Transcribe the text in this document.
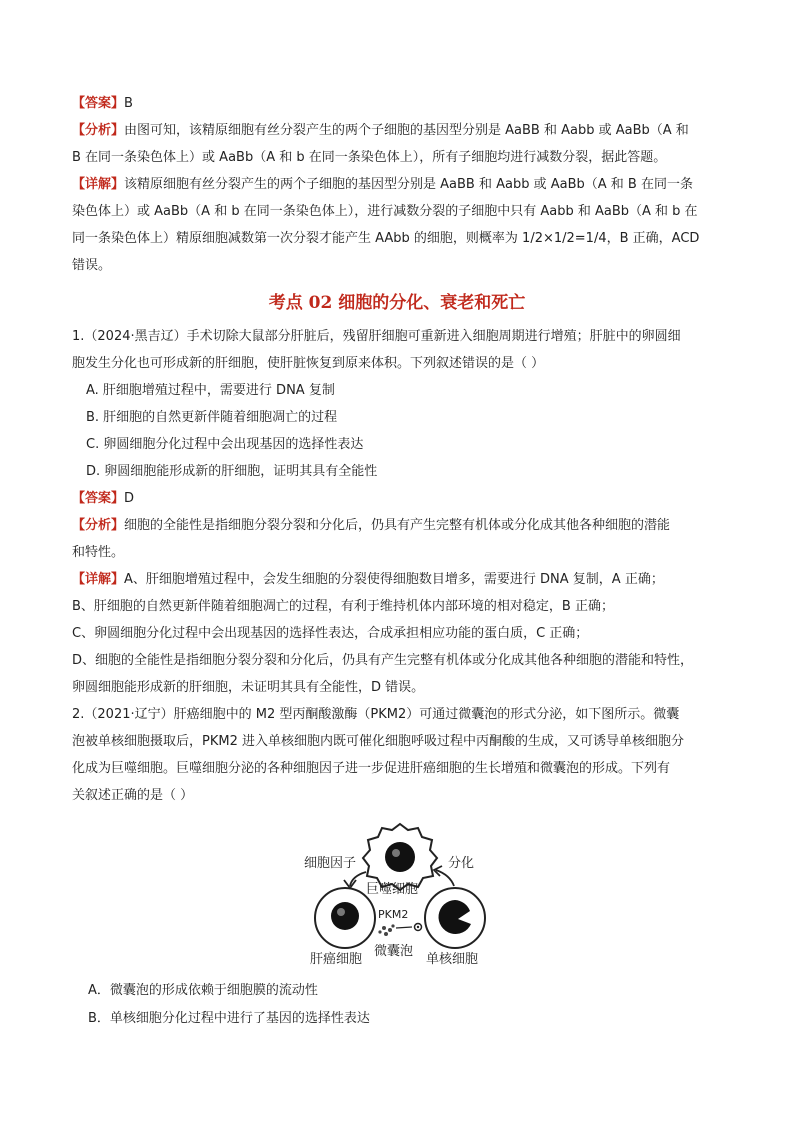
【答案】B
【分析】由图可知，该精原细胞有丝分裂产生的两个子细胞的基因型分别是 AaBB 和 Aabb 或 AaBb（A 和
B 在同一条染色体上）或 AaBb（A 和 b 在同一条染色体上），所有子细胞均进行减数分裂，据此答题。
【详解】该精原细胞有丝分裂产生的两个子细胞的基因型分别是 AaBB 和 Aabb 或 AaBb（A 和 B 在同一条
染色体上）或 AaBb（A 和 b 在同一条染色体上），进行减数分裂的子细胞中只有 Aabb 和 AaBb（A 和 b 在
同一条染色体上）精原细胞减数第一次分裂才能产生 AAbb 的细胞，则概率为 1/2×1/2=1/4，B 正确，ACD
错误。
考点 02 细胞的分化、衰老和死亡
1.（2024·黑吉辽）手术切除大鼠部分肝脏后，残留肝细胞可重新进入细胞周期进行增殖；肝脏中的卵圆细
胞发生分化也可形成新的肝细胞，使肝脏恢复到原来体积。下列叙述错误的是（ ）
A. 肝细胞增殖过程中，需要进行 DNA 复制
B. 肝细胞的自然更新伴随着细胞凋亡的过程
C. 卵圆细胞分化过程中会出现基因的选择性表达
D. 卵圆细胞能形成新的肝细胞，证明其具有全能性
【答案】D
【分析】细胞的全能性是指细胞分裂分裂和分化后，仍具有产生完整有机体或分化成其他各种细胞的潜能
和特性。
【详解】A、肝细胞增殖过程中，会发生细胞的分裂使得细胞数目增多，需要进行 DNA 复制，A 正确；
B、肝细胞的自然更新伴随着细胞凋亡的过程，有利于维持机体内部环境的相对稳定，B 正确；
C、卵圆细胞分化过程中会出现基因的选择性表达，合成承担相应功能的蛋白质，C 正确；
D、细胞的全能性是指细胞分裂分裂和分化后，仍具有产生完整有机体或分化成其他各种细胞的潜能和特性，
卵圆细胞能形成新的肝细胞，未证明其具有全能性，D 错误。
2.（2021·辽宁）肝癌细胞中的 M2 型丙酮酸激酶（PKM2）可通过微囊泡的形式分泌，如下图所示。微囊
泡被单核细胞摄取后，PKM2 进入单核细胞内既可催化细胞呼吸过程中丙酮酸的生成，又可诱导单核细胞分
化成为巨噬细胞。巨噬细胞分泌的各种细胞因子进一步促进肝癌细胞的生长增殖和微囊泡的形成。下列有
关叙述正确的是（ ）
细胞因子
巨噬细胞
分化
PKM2
微囊泡
肝癌细胞	单核细胞
A．微囊泡的形成依赖于细胞膜的流动性
B．单核细胞分化过程中进行了基因的选择性表达
